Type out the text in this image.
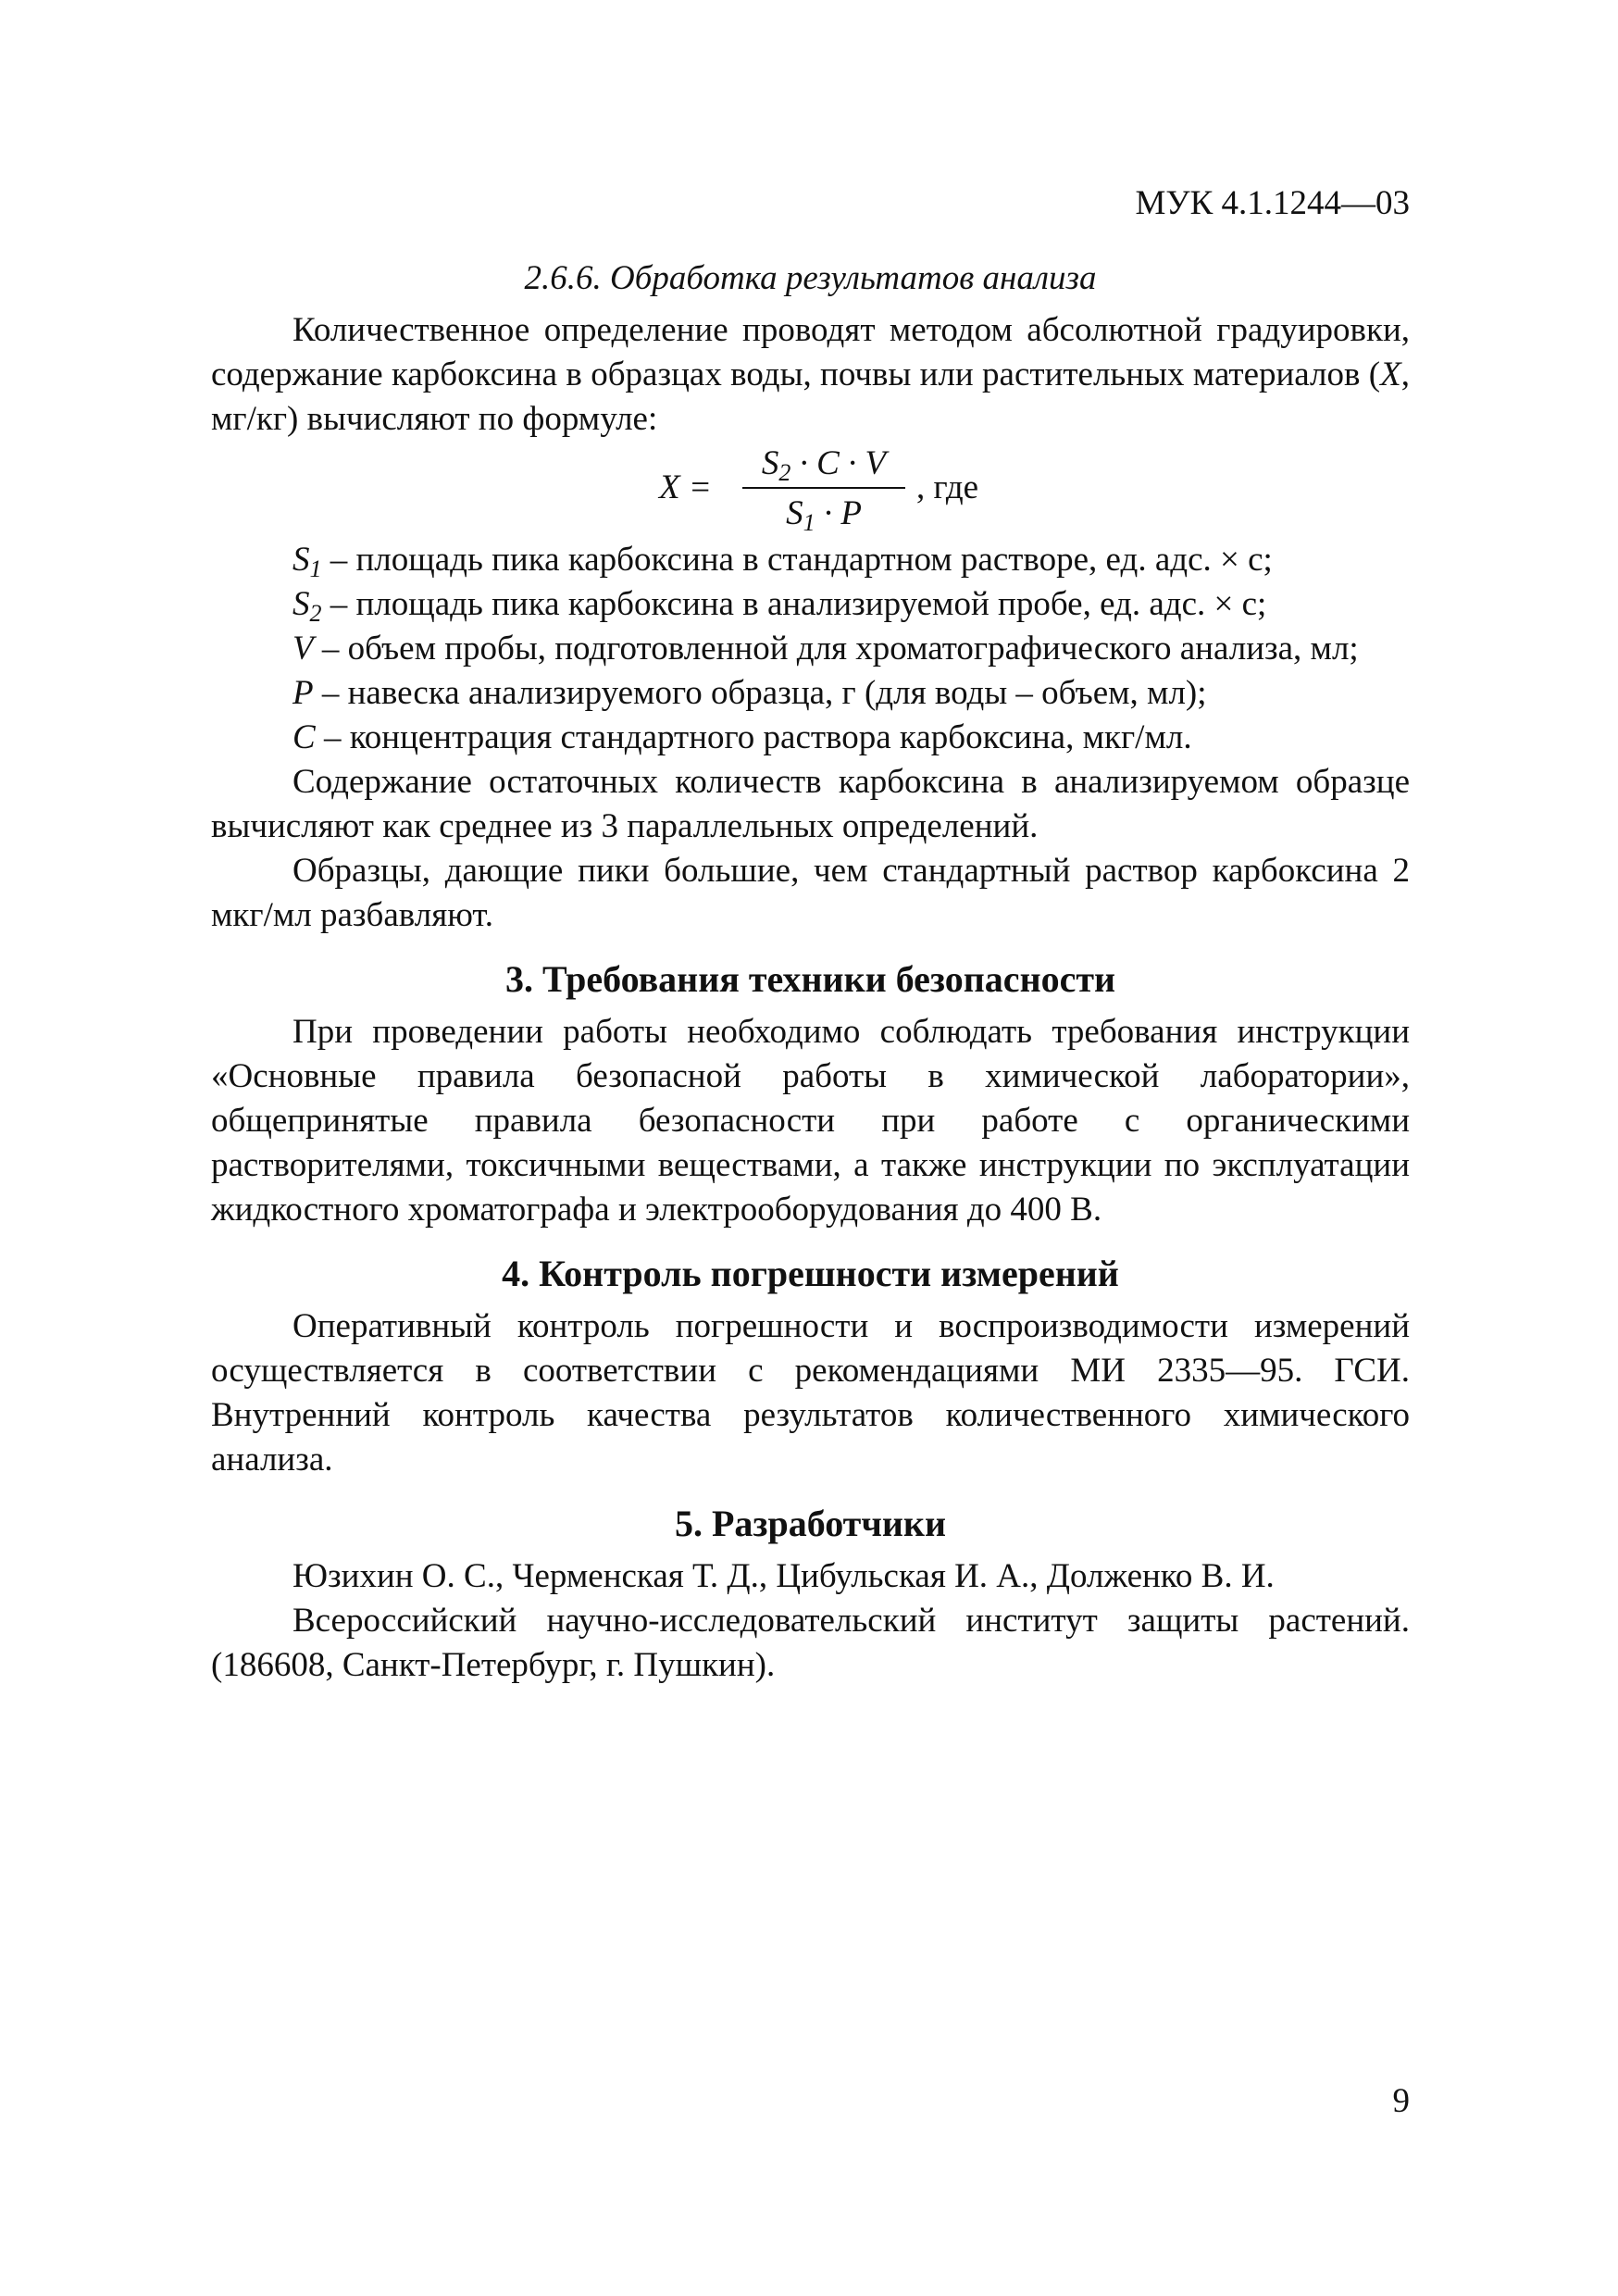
МУК 4.1.1244—03
2.6.6. Обработка результатов анализа

Количественное определение проводят методом абсолютной градуировки, содержание карбоксина в образцах воды, почвы или растительных материалов (X, мг/кг) вычисляют по формуле:

X =
$S_2 \cdot C \cdot V$
$S_1 \cdot P$
, где

$S_1$ – площадь пика карбоксина в стандартном растворе, ед. адс. × с;

$S_2$ – площадь пика карбоксина в анализируемой пробе, ед. адс. × с;

V – объем пробы, подготовленной для хроматографического анализа, мл;

P – навеска анализируемого образца, г (для воды – объем, мл);

C – концентрация стандартного раствора карбоксина, мкг/мл.

Содержание остаточных количеств карбоксина в анализируемом образце вычисляют как среднее из 3 параллельных определений.

Образцы, дающие пики большие, чем стандартный раствор карбоксина 2 мкг/мл разбавляют.

3. Требования техники безопасности

При проведении работы необходимо соблюдать требования инструкции «Основные правила безопасной работы в химической лаборатории», общепринятые правила безопасности при работе с органическими растворителями, токсичными веществами, а также инструкции по эксплуатации жидкостного хроматографа и электрооборудования до 400 В.

4. Контроль погрешности измерений

Оперативный контроль погрешности и воспроизводимости измерений осуществляется в соответствии с рекомендациями МИ 2335—95. ГСИ. Внутренний контроль качества результатов количественного химического анализа.

5. Разработчики

Юзихин О. С., Черменская Т. Д., Цибульская И. А., Долженко В. И.

Всероссийский научно-исследовательский институт защиты растений. (186608, Санкт-Петербург, г. Пушкин).

9
